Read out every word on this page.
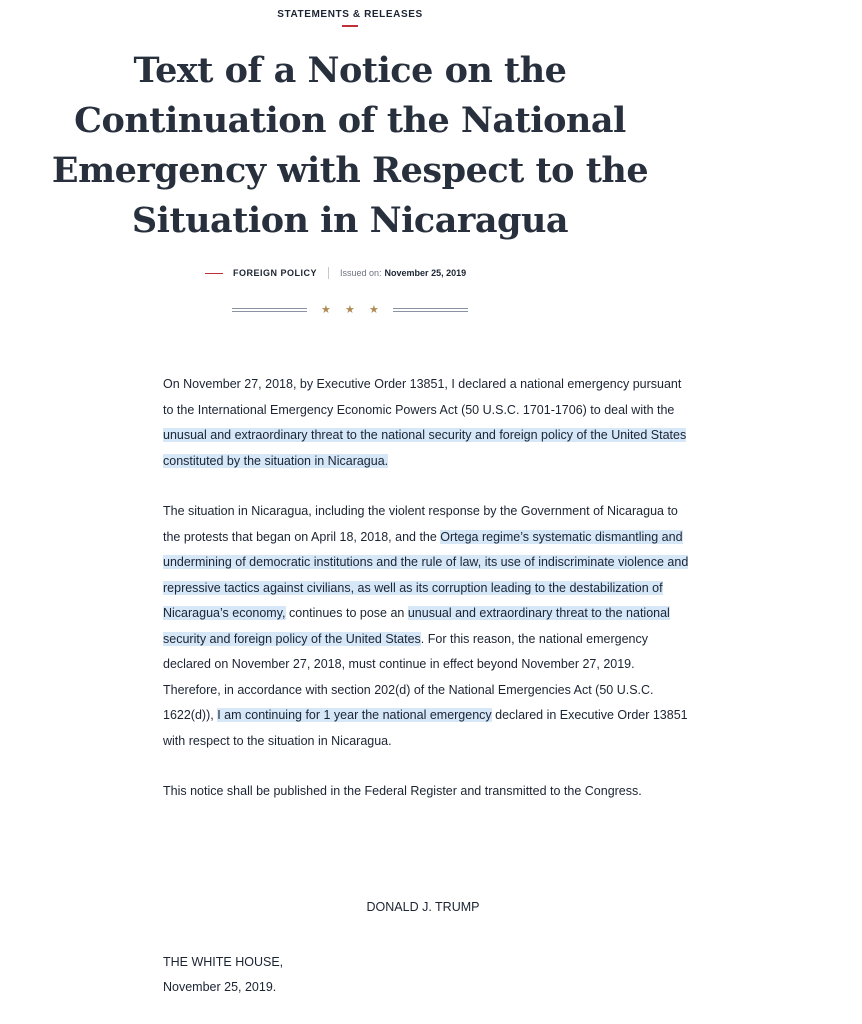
STATEMENTS & RELEASES
Text of a Notice on the Continuation of the National Emergency with Respect to the Situation in Nicaragua
FOREIGN POLICY	Issued on: November 25, 2019
★ ★ ★

On November 27, 2018, by Executive Order 13851, I declared a national emergency pursuant to the International Emergency Economic Powers Act (50 U.S.C. 1701-1706) to deal with the unusual and extraordinary threat to the national security and foreign policy of the United States constituted by the situation in Nicaragua.

The situation in Nicaragua, including the violent response by the Government of Nicaragua to the protests that began on April 18, 2018, and the Ortega regime’s systematic dismantling and undermining of democratic institutions and the rule of law, its use of indiscriminate violence and repressive tactics against civilians, as well as its corruption leading to the destabilization of Nicaragua’s economy, continues to pose an unusual and extraordinary threat to the national security and foreign policy of the United States. For this reason, the national emergency declared on November 27, 2018, must continue in effect beyond November 27, 2019. Therefore, in accordance with section 202(d) of the National Emergencies Act (50 U.S.C. 1622(d)), I am continuing for 1 year the national emergency declared in Executive Order 13851 with respect to the situation in Nicaragua.

This notice shall be published in the Federal Register and transmitted to the Congress.

DONALD J. TRUMP
THE WHITE HOUSE,
November 25, 2019.
